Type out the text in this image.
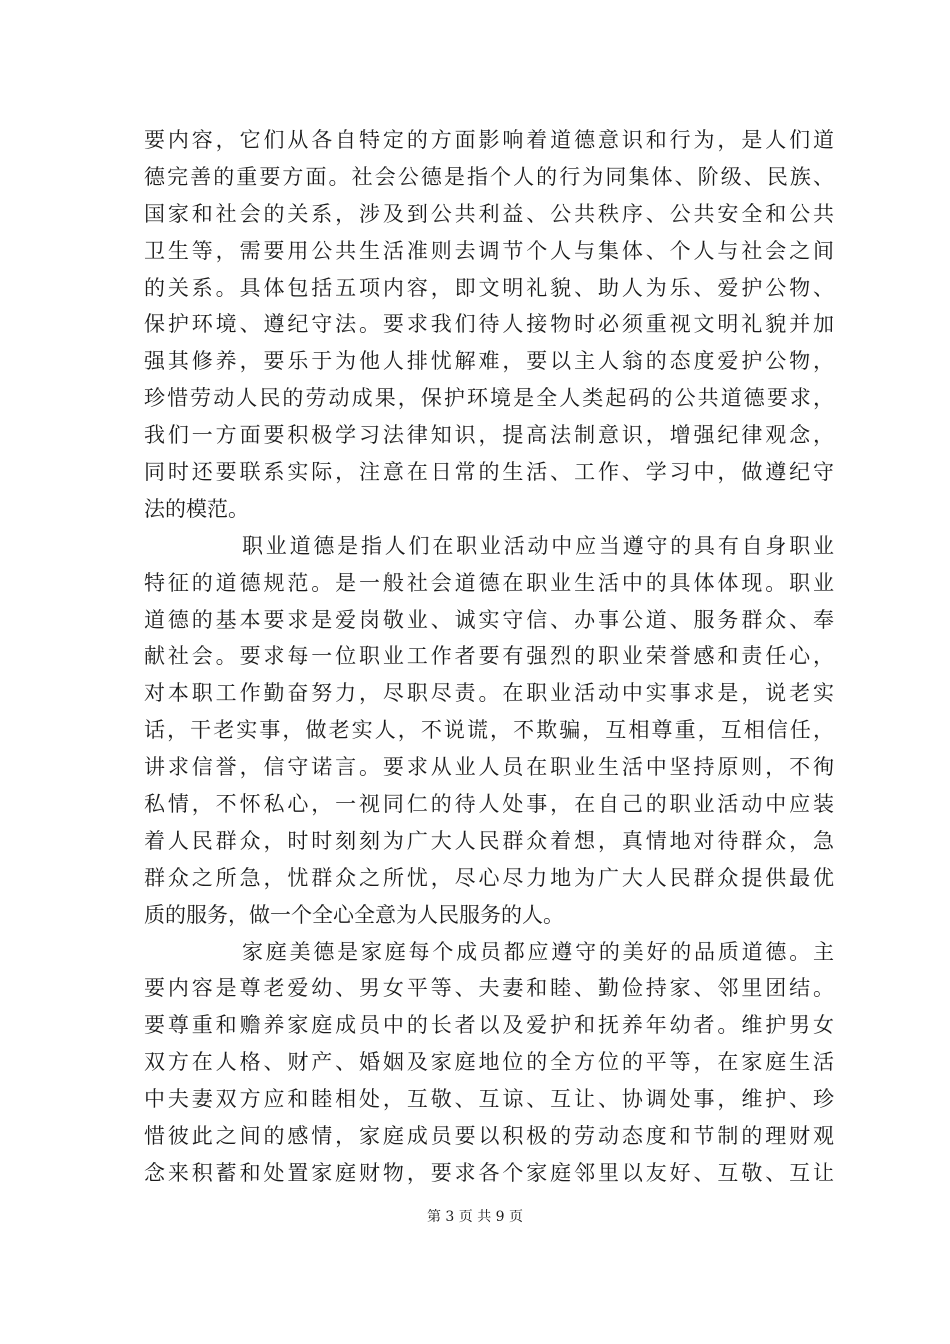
要内容，它们从各自特定的方面影响着道德意识和行为，是人们道
德完善的重要方面。社会公德是指个人的行为同集体、阶级、民族、
国家和社会的关系，涉及到公共利益、公共秩序、公共安全和公共
卫生等，需要用公共生活准则去调节个人与集体、个人与社会之间
的关系。具体包括五项内容，即文明礼貌、助人为乐、爱护公物、
保护环境、遵纪守法。要求我们待人接物时必须重视文明礼貌并加
强其修养，要乐于为他人排忧解难，要以主人翁的态度爱护公物，
珍惜劳动人民的劳动成果，保护环境是全人类起码的公共道德要求，
我们一方面要积极学习法律知识，提高法制意识，增强纪律观念，
同时还要联系实际，注意在日常的生活、工作、学习中，做遵纪守
法的模范。
职业道德是指人们在职业活动中应当遵守的具有自身职业
特征的道德规范。是一般社会道德在职业生活中的具体体现。职业
道德的基本要求是爱岗敬业、诚实守信、办事公道、服务群众、奉
献社会。要求每一位职业工作者要有强烈的职业荣誉感和责任心，
对本职工作勤奋努力，尽职尽责。在职业活动中实事求是，说老实
话，干老实事，做老实人，不说谎，不欺骗，互相尊重，互相信任，
讲求信誉，信守诺言。要求从业人员在职业生活中坚持原则，不徇
私情，不怀私心，一视同仁的待人处事，在自己的职业活动中应装
着人民群众，时时刻刻为广大人民群众着想，真情地对待群众，急
群众之所急，忧群众之所忧，尽心尽力地为广大人民群众提供最优
质的服务，做一个全心全意为人民服务的人。
家庭美德是家庭每个成员都应遵守的美好的品质道德。主
要内容是尊老爱幼、男女平等、夫妻和睦、勤俭持家、邻里团结。
要尊重和赡养家庭成员中的长者以及爱护和抚养年幼者。维护男女
双方在人格、财产、婚姻及家庭地位的全方位的平等，在家庭生活
中夫妻双方应和睦相处，互敬、互谅、互让、协调处事，维护、珍
惜彼此之间的感情，家庭成员要以积极的劳动态度和节制的理财观
念来积蓄和处置家庭财物，要求各个家庭邻里以友好、互敬、互让
第 3 页 共 9 页
